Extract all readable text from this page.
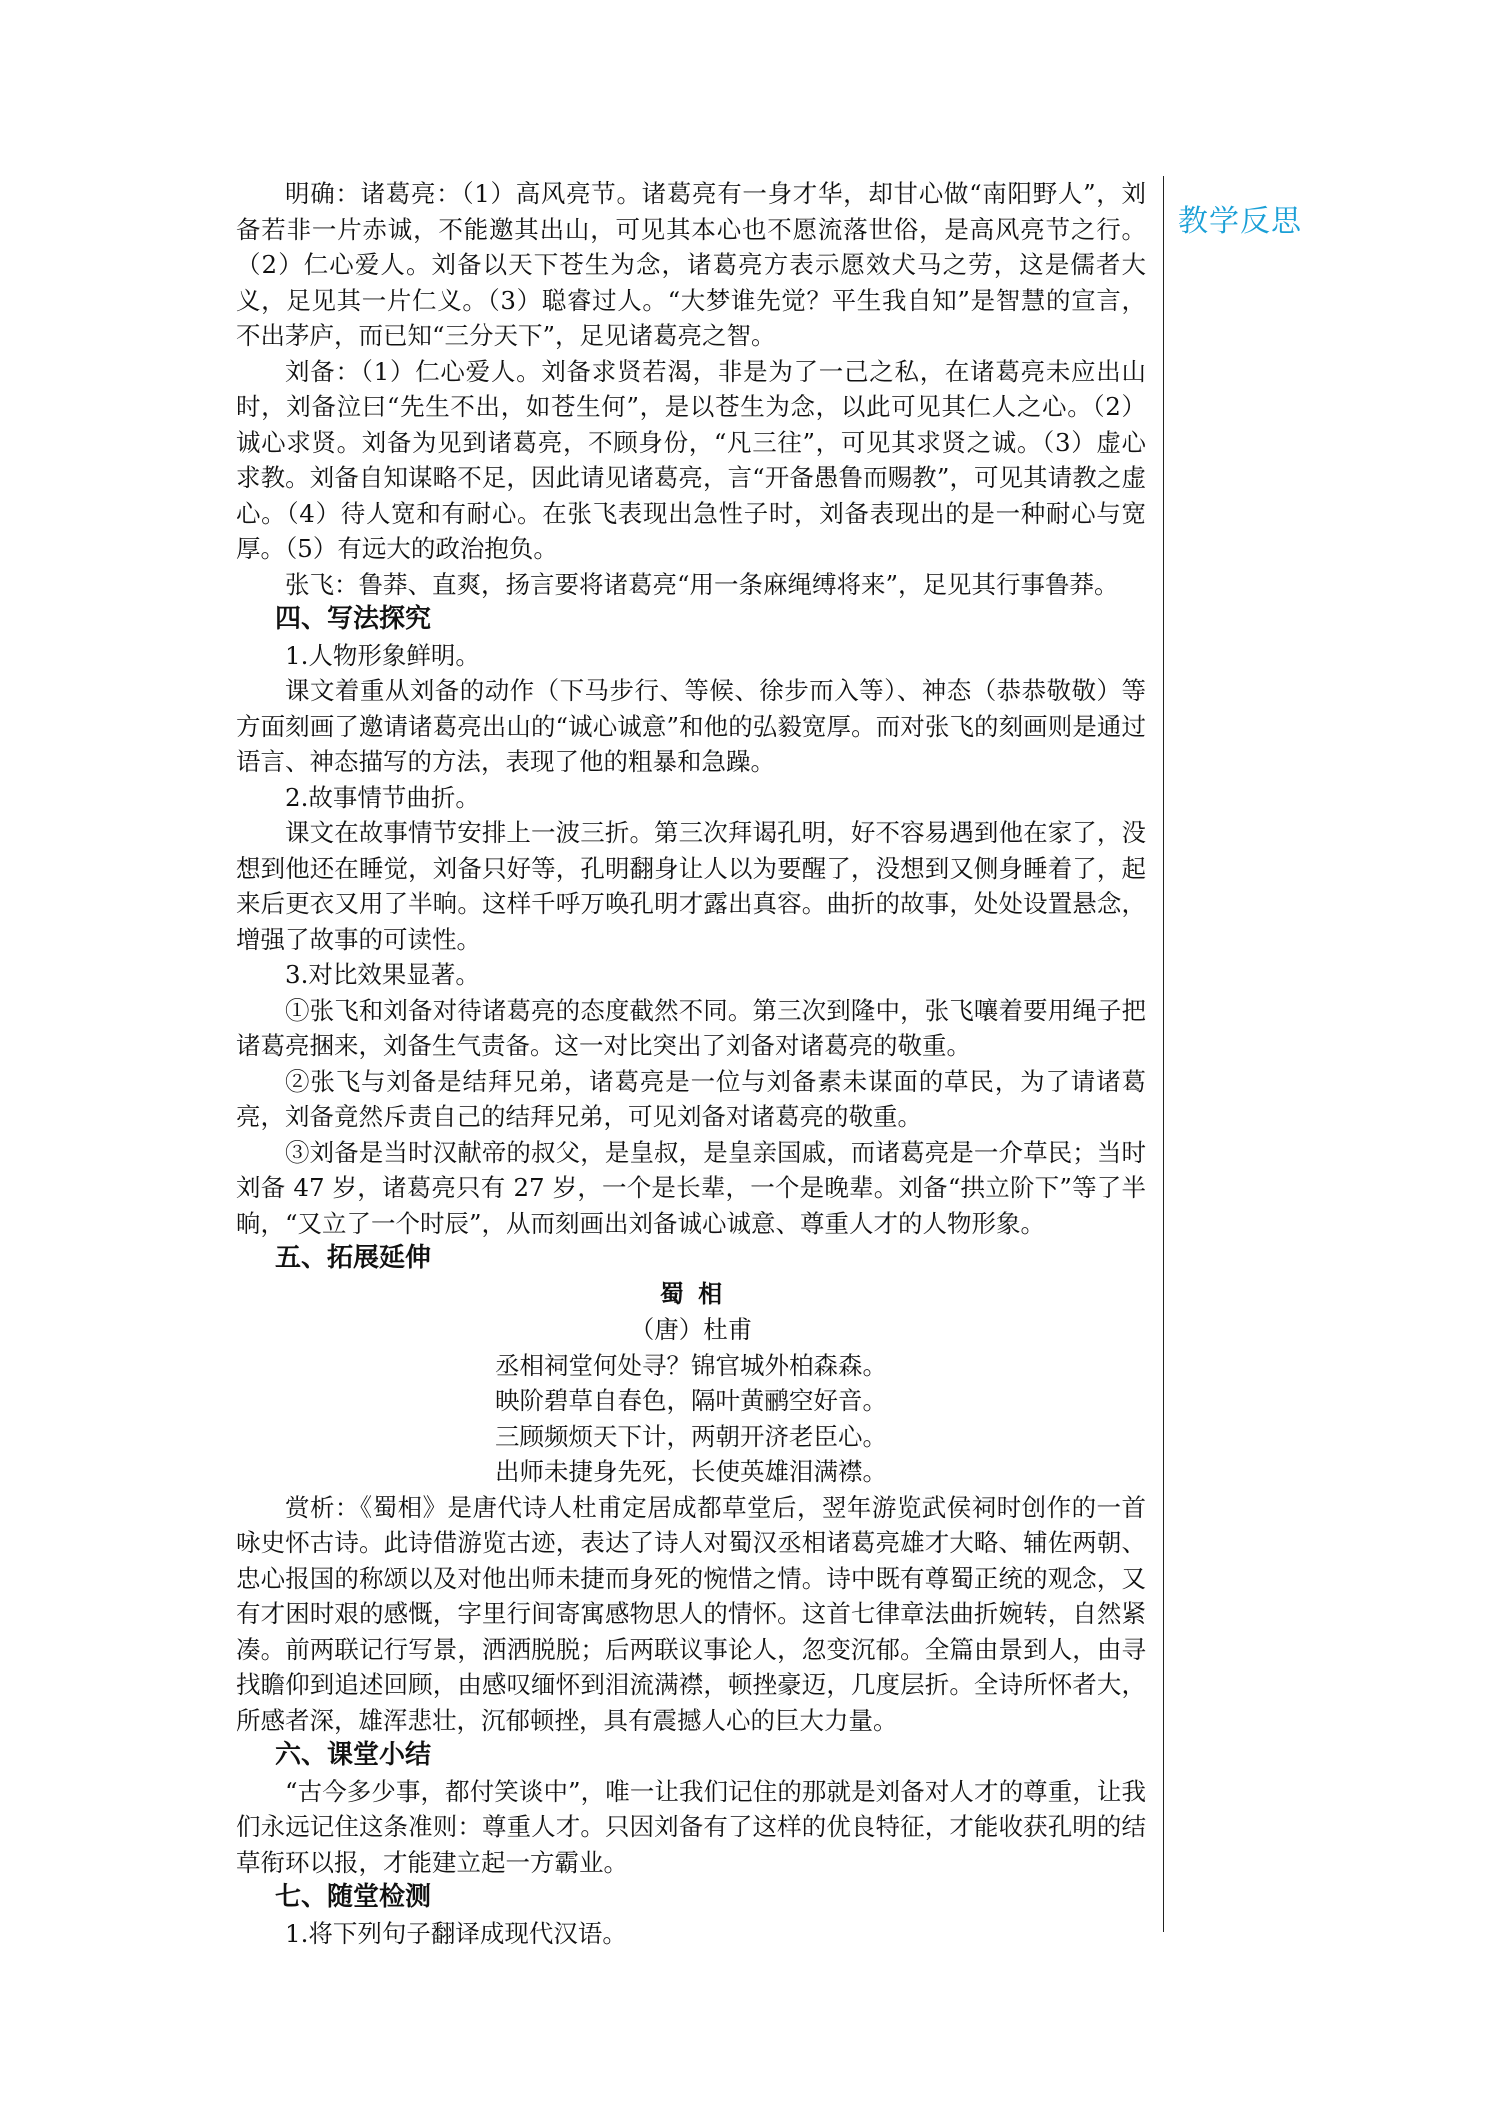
明确：诸葛亮：（1）高风亮节。诸葛亮有一身才华，却甘心做“南阳野人”，刘备若非一片赤诚，不能邀其出山，可见其本心也不愿流落世俗，是高风亮节之行。（2）仁心爱人。刘备以天下苍生为念，诸葛亮方表示愿效犬马之劳，这是儒者大义，足见其一片仁义。（3）聪睿过人。“大梦谁先觉？平生我自知”是智慧的宣言，不出茅庐，而已知“三分天下”，足见诸葛亮之智。

刘备：（1）仁心爱人。刘备求贤若渴，非是为了一己之私，在诸葛亮未应出山时，刘备泣曰“先生不出，如苍生何”，是以苍生为念，以此可见其仁人之心。（2）诚心求贤。刘备为见到诸葛亮，不顾身份，“凡三往”，可见其求贤之诚。（3）虚心求教。刘备自知谋略不足，因此请见诸葛亮，言“开备愚鲁而赐教”，可见其请教之虚心。（4）待人宽和有耐心。在张飞表现出急性子时，刘备表现出的是一种耐心与宽厚。（5）有远大的政治抱负。

张飞：鲁莽、直爽，扬言要将诸葛亮“用一条麻绳缚将来”，足见其行事鲁莽。

四、写法探究

1.人物形象鲜明。

课文着重从刘备的动作（下马步行、等候、徐步而入等）、神态（恭恭敬敬）等方面刻画了邀请诸葛亮出山的“诚心诚意”和他的弘毅宽厚。而对张飞的刻画则是通过语言、神态描写的方法，表现了他的粗暴和急躁。

2.故事情节曲折。

课文在故事情节安排上一波三折。第三次拜谒孔明，好不容易遇到他在家了，没想到他还在睡觉，刘备只好等，孔明翻身让人以为要醒了，没想到又侧身睡着了，起来后更衣又用了半晌。这样千呼万唤孔明才露出真容。曲折的故事，处处设置悬念，增强了故事的可读性。

3.对比效果显著。

①张飞和刘备对待诸葛亮的态度截然不同。第三次到隆中，张飞嚷着要用绳子把诸葛亮捆来，刘备生气责备。这一对比突出了刘备对诸葛亮的敬重。

②张飞与刘备是结拜兄弟，诸葛亮是一位与刘备素未谋面的草民，为了请诸葛亮，刘备竟然斥责自己的结拜兄弟，可见刘备对诸葛亮的敬重。

③刘备是当时汉献帝的叔父，是皇叔，是皇亲国戚，而诸葛亮是一介草民；当时刘备 47 岁，诸葛亮只有 27 岁，一个是长辈，一个是晚辈。刘备“拱立阶下”等了半晌，“又立了一个时辰”，从而刻画出刘备诚心诚意、尊重人才的人物形象。

五、拓展延伸

蜀相

（唐）杜甫

丞相祠堂何处寻？锦官城外柏森森。

映阶碧草自春色，隔叶黄鹂空好音。

三顾频烦天下计，两朝开济老臣心。

出师未捷身先死，长使英雄泪满襟。

赏析：《蜀相》是唐代诗人杜甫定居成都草堂后，翌年游览武侯祠时创作的一首咏史怀古诗。此诗借游览古迹，表达了诗人对蜀汉丞相诸葛亮雄才大略、辅佐两朝、忠心报国的称颂以及对他出师未捷而身死的惋惜之情。诗中既有尊蜀正统的观念，又有才困时艰的感慨，字里行间寄寓感物思人的情怀。这首七律章法曲折婉转，自然紧凑。前两联记行写景，洒洒脱脱；后两联议事论人，忽变沉郁。全篇由景到人，由寻找瞻仰到追述回顾，由感叹缅怀到泪流满襟，顿挫豪迈，几度层折。全诗所怀者大，所感者深，雄浑悲壮，沉郁顿挫，具有震撼人心的巨大力量。

六、课堂小结

“古今多少事，都付笑谈中”，唯一让我们记住的那就是刘备对人才的尊重，让我们永远记住这条准则：尊重人才。只因刘备有了这样的优良特征，才能收获孔明的结草衔环以报，才能建立起一方霸业。

七、随堂检测

1.将下列句子翻译成现代汉语。

教学反思
